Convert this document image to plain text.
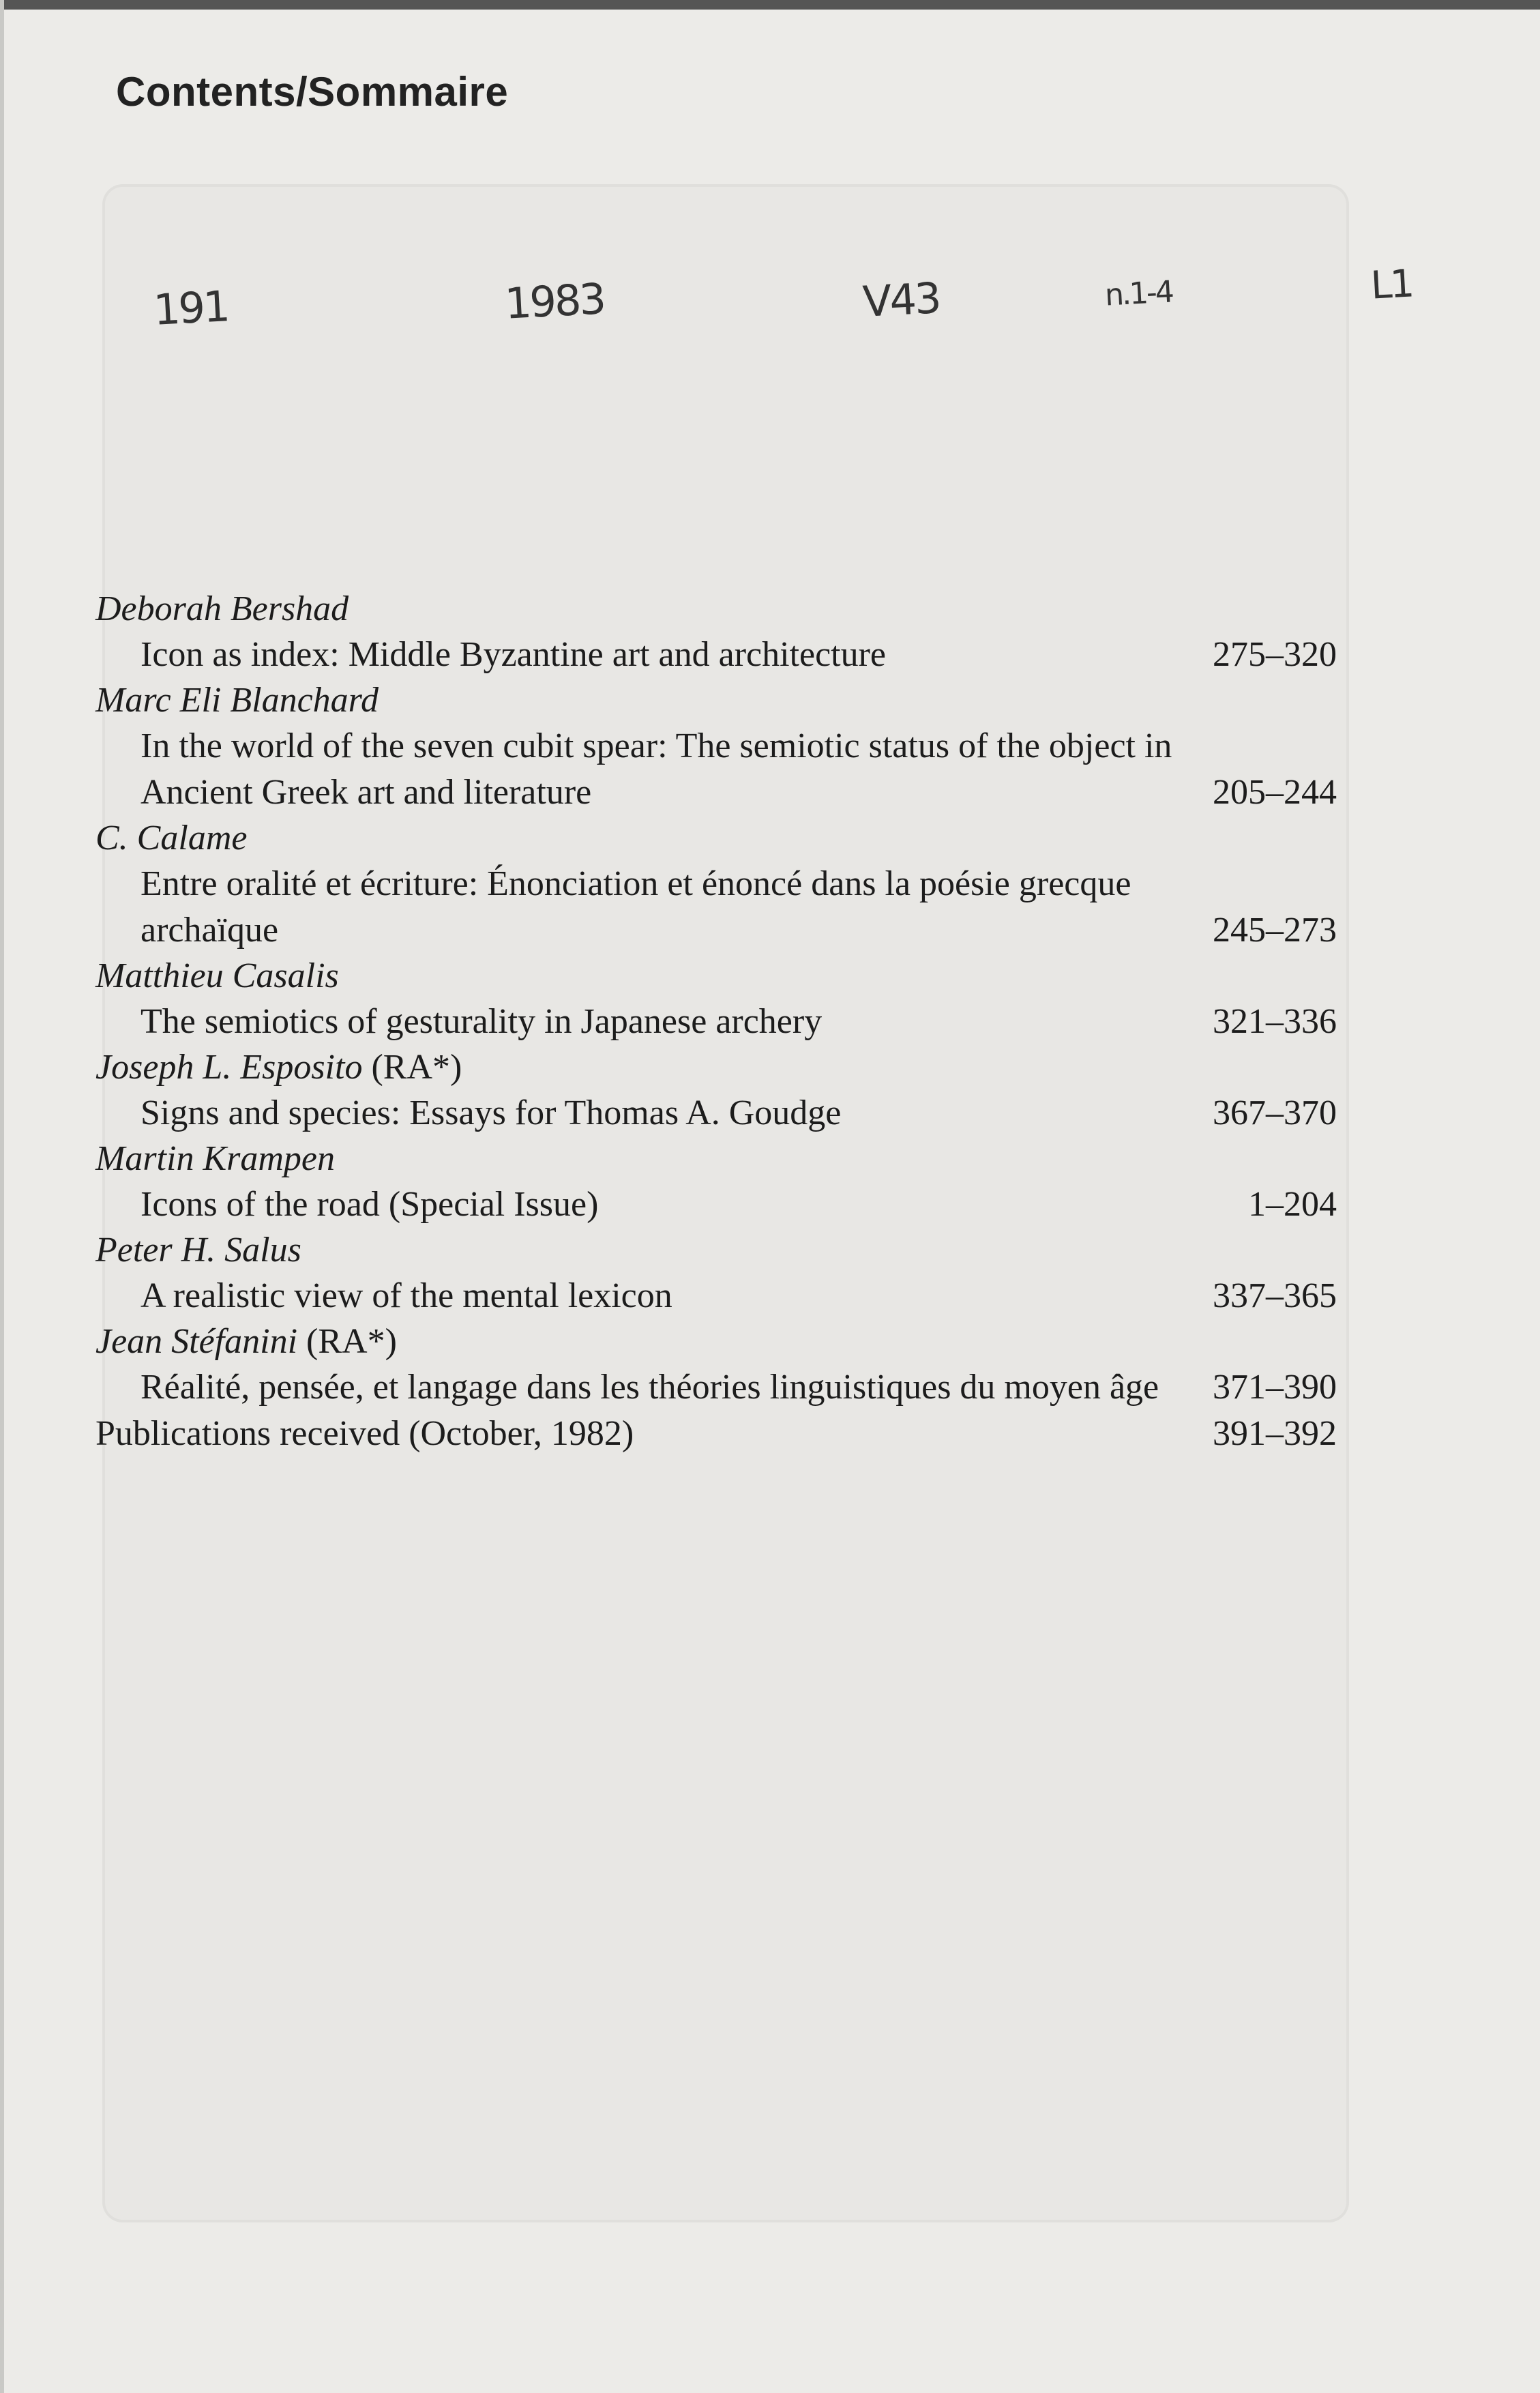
Contents/Sommaire
191	1983	V43	n.1-4	L1
Deborah Bershad
Icon as index: Middle Byzantine art and architecture	275–320
Marc Eli Blanchard
In the world of the seven cubit spear: The semiotic status of the object in Ancient Greek art and literature	205–244
C. Calame
Entre oralité et écriture: Énonciation et énoncé dans la poésie grecque archaïque	245–273
Matthieu Casalis
The semiotics of gesturality in Japanese archery	321–336
Joseph L. Esposito (RA*)
Signs and species: Essays for Thomas A. Goudge	367–370
Martin Krampen
Icons of the road (Special Issue)	1–204
Peter H. Salus
A realistic view of the mental lexicon	337–365
Jean Stéfanini (RA*)
Réalité, pensée, et langage dans les théories linguistiques du moyen âge	371–390
Publications received (October, 1982)	391–392
